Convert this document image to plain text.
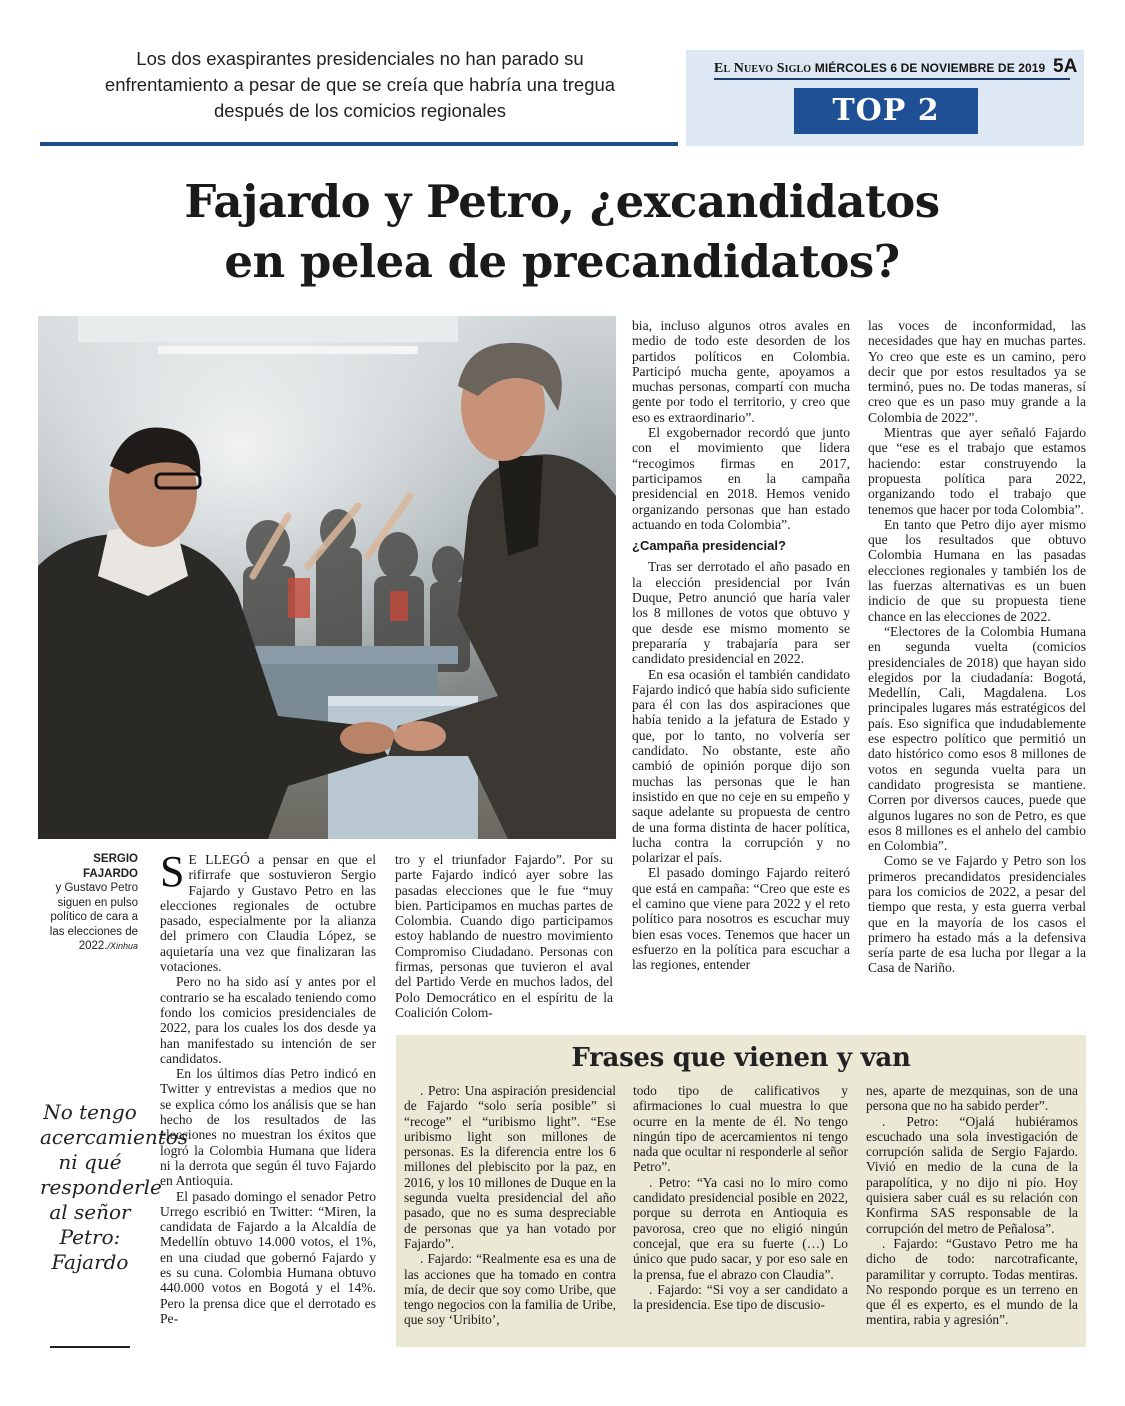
Los dos exaspirantes presidenciales no han parado su enfrentamiento a pesar de que se creía que habría una tregua después de los comicios regionales
El Nuevo Siglo MIÉRCOLES 6 DE NOVIEMBRE DE 2019 5A
TOP 2
Fajardo y Petro, ¿excandidatos
en pelea de precandidatos?
SERGIO FAJARDO
y Gustavo Petro siguen en pulso político de cara a las elecciones de 2022./Xinhua
No tengo acercamientos ni qué responderle al señor Petro: Fajardo

S E LLEGÓ a pensar en que el rifirrafe que sostuvieron Sergio Fajardo y Gustavo Petro en las elecciones regionales de octubre pasado, especialmente por la alianza del primero con Claudia López, se aquietaría una vez que finalizaran las votaciones.

Pero no ha sido así y antes por el contrario se ha escalado teniendo como fondo los comicios presidenciales de 2022, para los cuales los dos desde ya han manifestado su intención de ser candidatos.

En los últimos días Petro indicó en Twitter y entrevistas a medios que no se explica cómo los análisis que se han hecho de los resultados de las elecciones no muestran los éxitos que logró la Colombia Humana que lidera ni la derrota que según él tuvo Fajardo en Antioquia.

El pasado domingo el senador Petro Urrego escribió en Twitter: “Miren, la candidata de Fajardo a la Alcaldía de Medellín obtuvo 14.000 votos, el 1%, en una ciudad que gobernó Fajardo y es su cuna. Colombia Humana obtuvo 440.000 votos en Bogotá y el 14%. Pero la prensa dice que el derrotado es Pe-

tro y el triunfador Fajardo”. Por su parte Fajardo indicó ayer sobre las pasadas elecciones que le fue “muy bien. Participamos en muchas partes de Colombia. Cuando digo participamos estoy hablando de nuestro movimiento Compromiso Ciudadano. Personas con firmas, personas que tuvieron el aval del Partido Verde en muchos lados, del Polo Democrático en el espíritu de la Coalición Colom-

bia, incluso algunos otros avales en medio de todo este desorden de los partidos políticos en Colombia. Participó mucha gente, apoyamos a muchas personas, compartí con mucha gente por todo el territorio, y creo que eso es extraordinario”.

El exgobernador recordó que junto con el movimiento que lidera “recogimos firmas en 2017, participamos en la campaña presidencial en 2018. Hemos venido organizando personas que han estado actuando en toda Colombia”.

¿Campaña presidencial?

Tras ser derrotado el año pasado en la elección presidencial por Iván Duque, Petro anunció que haría valer los 8 millones de votos que obtuvo y que desde ese mismo momento se prepararía y trabajaría para ser candidato presidencial en 2022.

En esa ocasión el también candidato Fajardo indicó que había sido suficiente para él con las dos aspiraciones que había tenido a la jefatura de Estado y que, por lo tanto, no volvería ser candidato. No obstante, este año cambió de opinión porque dijo son muchas las personas que le han insistido en que no ceje en su empeño y saque adelante su propuesta de centro de una forma distinta de hacer política, lucha contra la corrupción y no polarizar el país.

El pasado domingo Fajardo reiteró que está en campaña: “Creo que este es el camino que viene para 2022 y el reto político para nosotros es escuchar muy bien esas voces. Tenemos que hacer un esfuerzo en la política para escuchar a las regiones, entender

las voces de inconformidad, las necesidades que hay en muchas partes. Yo creo que este es un camino, pero decir que por estos resultados ya se terminó, pues no. De todas maneras, sí creo que es un paso muy grande a la Colombia de 2022”.

Mientras que ayer señaló Fajardo que “ese es el trabajo que estamos haciendo: estar construyendo la propuesta política para 2022, organizando todo el trabajo que tenemos que hacer por toda Colombia”.

En tanto que Petro dijo ayer mismo que los resultados que obtuvo Colombia Humana en las pasadas elecciones regionales y también los de las fuerzas alternativas es un buen indicio de que su propuesta tiene chance en las elecciones de 2022.

“Electores de la Colombia Humana en segunda vuelta (comicios presidenciales de 2018) que hayan sido elegidos por la ciudadanía: Bogotá, Medellín, Cali, Magdalena. Los principales lugares más estratégicos del país. Eso significa que indudablemente ese espectro político que permitió un dato histórico como esos 8 millones de votos en segunda vuelta para un candidato progresista se mantiene. Corren por diversos cauces, puede que algunos lugares no son de Petro, es que esos 8 millones es el anhelo del cambio en Colombia”.

Como se ve Fajardo y Petro son los primeros precandidatos presidenciales para los comicios de 2022, a pesar del tiempo que resta, y esta guerra verbal que en la mayoría de los casos el primero ha estado más a la defensiva sería parte de esa lucha por llegar a la Casa de Nariño.

Frases que vienen y van

. Petro: Una aspiración presidencial de Fajardo “solo sería posible” si “recoge” el “uribismo light”. “Ese uribismo light son millones de personas. Es la diferencia entre los 6 millones del plebiscito por la paz, en 2016, y los 10 millones de Duque en la segunda vuelta presidencial del año pasado, que no es suma despreciable de personas que ya han votado por Fajardo”.

. Fajardo: “Realmente esa es una de las acciones que ha tomado en contra mía, de decir que soy como Uribe, que tengo negocios con la familia de Uribe, que soy ‘Uribito’,

todo tipo de calificativos y afirmaciones lo cual muestra lo que ocurre en la mente de él. No tengo ningún tipo de acercamientos ni tengo nada que ocultar ni responderle al señor Petro”.

. Petro: “Ya casi no lo miro como candidato presidencial posible en 2022, porque su derrota en Antioquia es pavorosa, creo que no eligió ningún concejal, que era su fuerte (…) Lo único que pudo sacar, y por eso sale en la prensa, fue el abrazo con Claudia”.

. Fajardo: “Si voy a ser candidato a la presidencia. Ese tipo de discusio-

nes, aparte de mezquinas, son de una persona que no ha sabido perder”.

. Petro: “Ojalá hubiéramos escuchado una sola investigación de corrupción salida de Sergio Fajardo. Vivió en medio de la cuna de la parapolítica, y no dijo ni pío. Hoy quisiera saber cuál es su relación con Konfirma SAS responsable de la corrupción del metro de Peñalosa”.

. Fajardo: “Gustavo Petro me ha dicho de todo: narcotraficante, paramilitar y corrupto. Todas mentiras. No respondo porque es un terreno en que él es experto, es el mundo de la mentira, rabia y agresión”.
